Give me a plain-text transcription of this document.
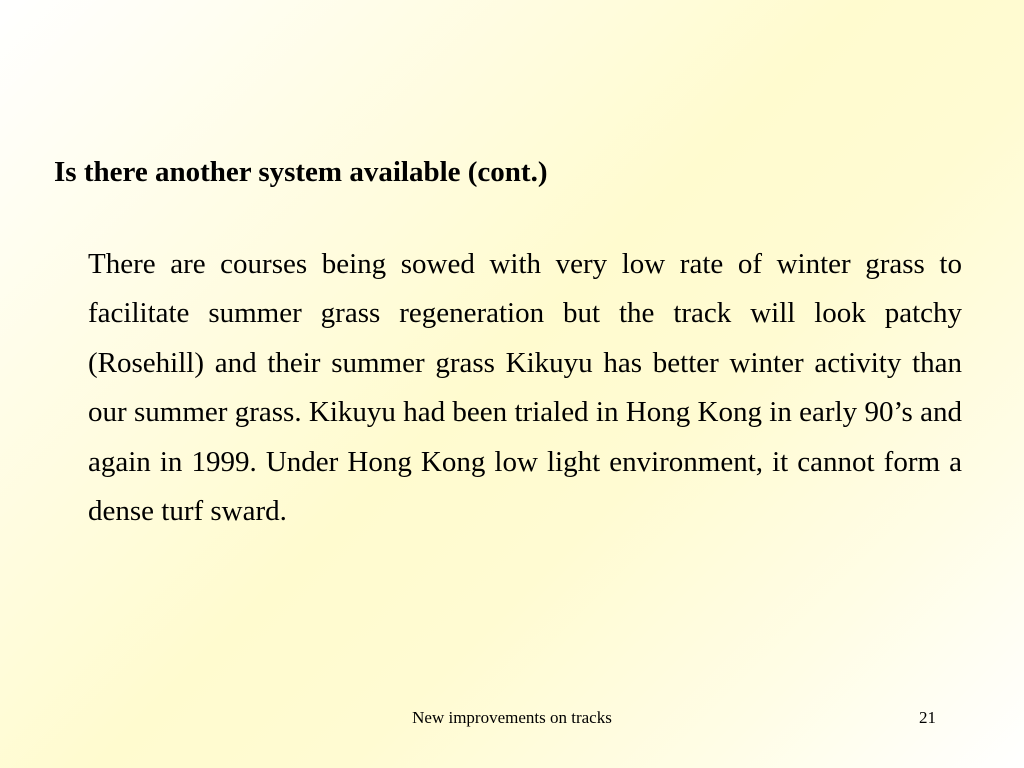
Is there another system available (cont.)

There are courses being sowed with very low rate of winter grass to facilitate summer grass regeneration but the track will look patchy (Rosehill) and their summer grass Kikuyu has better winter activity than our summer grass. Kikuyu had been trialed in Hong Kong in early 90’s and again in 1999. Under Hong Kong low light environment, it cannot form a dense turf sward.

New improvements on tracks	21
